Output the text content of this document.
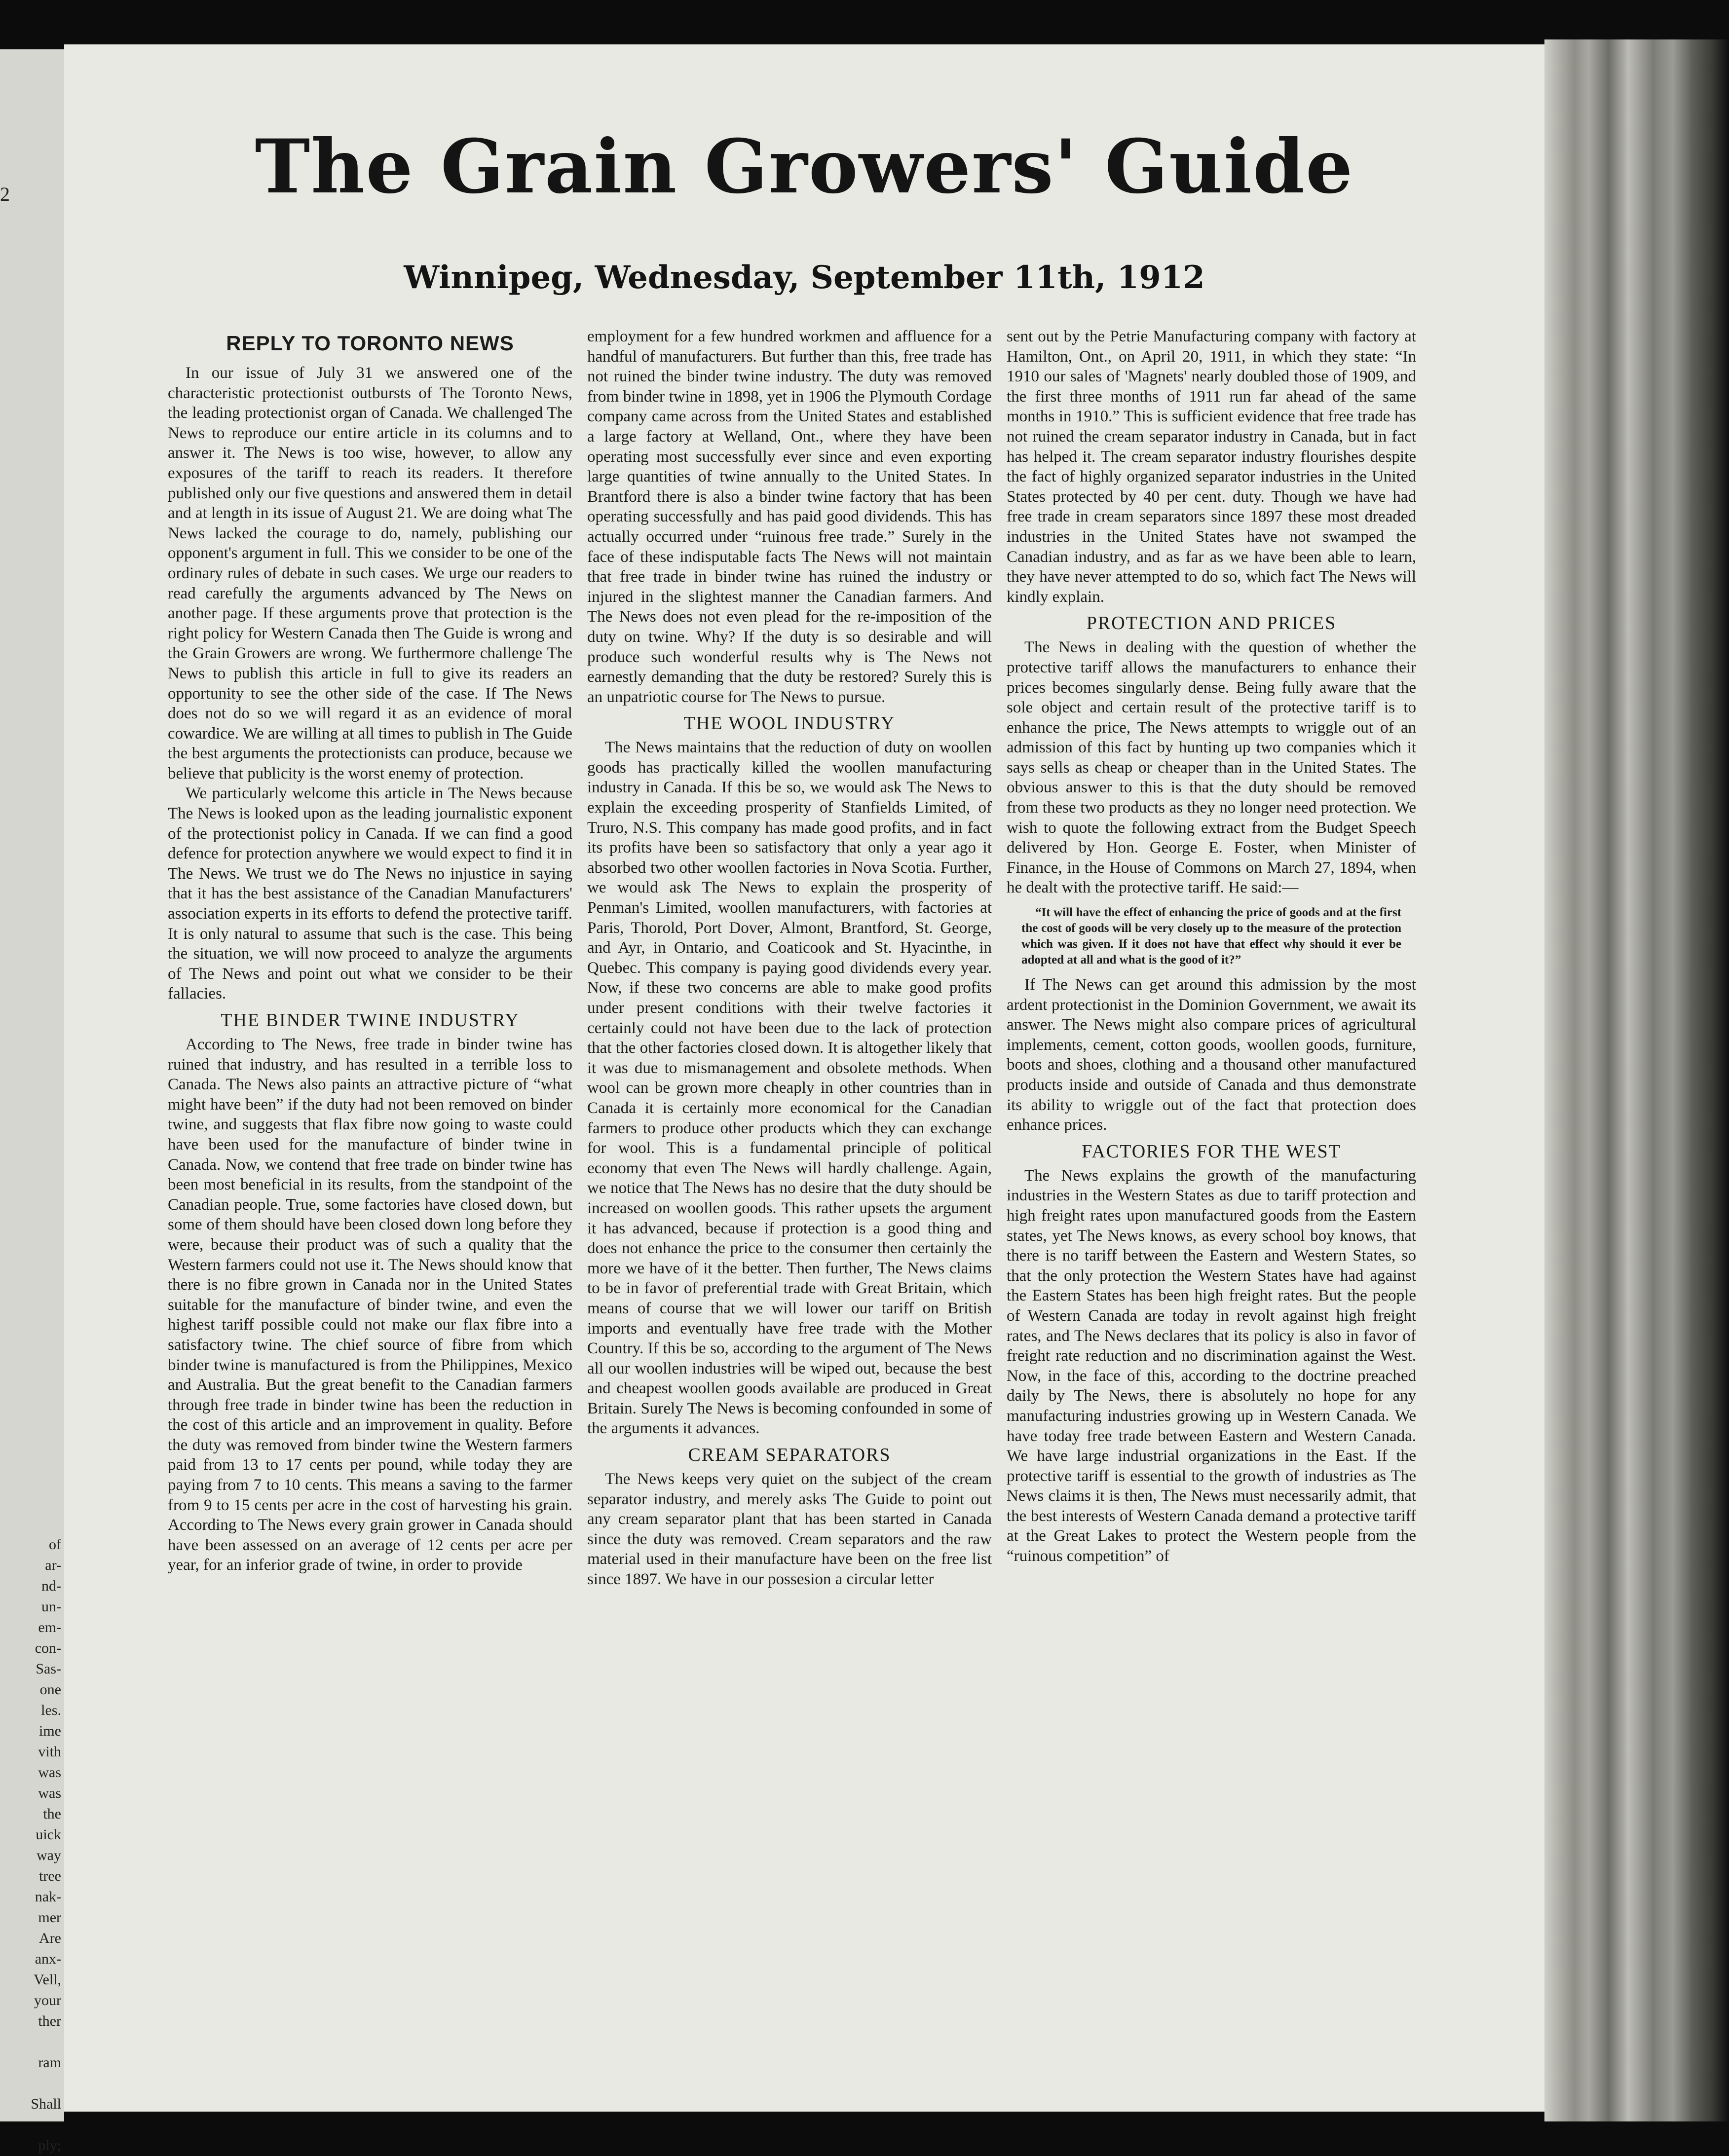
2
of
ar-
nd-
un-
em-
con-
Sas-
one
les.
ime
vith
was
was
the
uick
way
tree
nak-
mer
Are
anx-
Vell,
your
ther

ram

Shall

ply;
The Grain Growers' Guide
Winnipeg, Wednesday, September 11th, 1912
REPLY TO TORONTO NEWS

In our issue of July 31 we answered one of the characteristic protectionist outbursts of The Toronto News, the leading protectionist organ of Canada. We challenged The News to reproduce our entire article in its columns and to answer it. The News is too wise, however, to allow any exposures of the tariff to reach its readers. It therefore published only our five questions and answered them in detail and at length in its issue of August 21. We are doing what The News lacked the courage to do, namely, publishing our opponent's argument in full. This we consider to be one of the ordinary rules of debate in such cases. We urge our readers to read carefully the arguments advanced by The News on another page. If these arguments prove that protection is the right policy for Western Canada then The Guide is wrong and the Grain Growers are wrong. We furthermore challenge The News to publish this article in full to give its readers an opportunity to see the other side of the case. If The News does not do so we will regard it as an evidence of moral cowardice. We are willing at all times to publish in The Guide the best arguments the protectionists can produce, because we believe that publicity is the worst enemy of protection.

We particularly welcome this article in The News because The News is looked upon as the leading journalistic exponent of the protectionist policy in Canada. If we can find a good defence for protection anywhere we would expect to find it in The News. We trust we do The News no injustice in saying that it has the best assistance of the Canadian Manufacturers' association experts in its efforts to defend the protective tariff. It is only natural to assume that such is the case. This being the situation, we will now proceed to analyze the arguments of The News and point out what we consider to be their fallacies.

THE BINDER TWINE INDUSTRY

According to The News, free trade in binder twine has ruined that industry, and has resulted in a terrible loss to Canada. The News also paints an attractive picture of “what might have been” if the duty had not been removed on binder twine, and suggests that flax fibre now going to waste could have been used for the manufacture of binder twine in Canada. Now, we contend that free trade on binder twine has been most beneficial in its results, from the standpoint of the Canadian people. True, some factories have closed down, but some of them should have been closed down long before they were, because their product was of such a quality that the Western farmers could not use it. The News should know that there is no fibre grown in Canada nor in the United States suitable for the manufacture of binder twine, and even the highest tariff possible could not make our flax fibre into a satisfactory twine. The chief source of fibre from which binder twine is manufactured is from the Philippines, Mexico and Australia. But the great benefit to the Canadian farmers through free trade in binder twine has been the reduction in the cost of this article and an improvement in quality. Before the duty was removed from binder twine the Western farmers paid from 13 to 17 cents per pound, while today they are paying from 7 to 10 cents. This means a saving to the farmer from 9 to 15 cents per acre in the cost of harvesting his grain. According to The News every grain grower in Canada should have been assessed on an average of 12 cents per acre per year, for an inferior grade of twine, in order to provide

employment for a few hundred workmen and affluence for a handful of manufacturers. But further than this, free trade has not ruined the binder twine industry. The duty was removed from binder twine in 1898, yet in 1906 the Plymouth Cordage company came across from the United States and established a large factory at Welland, Ont., where they have been operating most successfully ever since and even exporting large quantities of twine annually to the United States. In Brantford there is also a binder twine factory that has been operating successfully and has paid good dividends. This has actually occurred under “ruinous free trade.” Surely in the face of these indisputable facts The News will not maintain that free trade in binder twine has ruined the industry or injured in the slightest manner the Canadian farmers. And The News does not even plead for the re-imposition of the duty on twine. Why? If the duty is so desirable and will produce such wonderful results why is The News not earnestly demanding that the duty be restored? Surely this is an unpatriotic course for The News to pursue.

THE WOOL INDUSTRY

The News maintains that the reduction of duty on woollen goods has practically killed the woollen manufacturing industry in Canada. If this be so, we would ask The News to explain the exceeding prosperity of Stanfields Limited, of Truro, N.S. This company has made good profits, and in fact its profits have been so satisfactory that only a year ago it absorbed two other woollen factories in Nova Scotia. Further, we would ask The News to explain the prosperity of Penman's Limited, woollen manufacturers, with factories at Paris, Thorold, Port Dover, Almont, Brantford, St. George, and Ayr, in Ontario, and Coaticook and St. Hyacinthe, in Quebec. This company is paying good dividends every year. Now, if these two concerns are able to make good profits under present conditions with their twelve factories it certainly could not have been due to the lack of protection that the other factories closed down. It is altogether likely that it was due to mismanagement and obsolete methods. When wool can be grown more cheaply in other countries than in Canada it is certainly more economical for the Canadian farmers to produce other products which they can exchange for wool. This is a fundamental principle of political economy that even The News will hardly challenge. Again, we notice that The News has no desire that the duty should be increased on woollen goods. This rather upsets the argument it has advanced, because if protection is a good thing and does not enhance the price to the consumer then certainly the more we have of it the better. Then further, The News claims to be in favor of preferential trade with Great Britain, which means of course that we will lower our tariff on British imports and eventually have free trade with the Mother Country. If this be so, according to the argument of The News all our woollen industries will be wiped out, because the best and cheapest woollen goods available are produced in Great Britain. Surely The News is becoming confounded in some of the arguments it advances.

CREAM SEPARATORS

The News keeps very quiet on the subject of the cream separator industry, and merely asks The Guide to point out any cream separator plant that has been started in Canada since the duty was removed. Cream separators and the raw material used in their manufacture have been on the free list since 1897. We have in our possesion a circular letter

sent out by the Petrie Manufacturing company with factory at Hamilton, Ont., on April 20, 1911, in which they state: “In 1910 our sales of 'Magnets' nearly doubled those of 1909, and the first three months of 1911 run far ahead of the same months in 1910.” This is sufficient evidence that free trade has not ruined the cream separator industry in Canada, but in fact has helped it. The cream separator industry flourishes despite the fact of highly organized separator industries in the United States protected by 40 per cent. duty. Though we have had free trade in cream separators since 1897 these most dreaded industries in the United States have not swamped the Canadian industry, and as far as we have been able to learn, they have never attempted to do so, which fact The News will kindly explain.

PROTECTION AND PRICES

The News in dealing with the question of whether the protective tariff allows the manufacturers to enhance their prices becomes singularly dense. Being fully aware that the sole object and certain result of the protective tariff is to enhance the price, The News attempts to wriggle out of an admission of this fact by hunting up two companies which it says sells as cheap or cheaper than in the United States. The obvious answer to this is that the duty should be removed from these two products as they no longer need protection. We wish to quote the following extract from the Budget Speech delivered by Hon. George E. Foster, when Minister of Finance, in the House of Commons on March 27, 1894, when he dealt with the protective tariff. He said:—

“It will have the effect of enhancing the price of goods and at the first the cost of goods will be very closely up to the measure of the protection which was given. If it does not have that effect why should it ever be adopted at all and what is the good of it?”

If The News can get around this admission by the most ardent protectionist in the Dominion Government, we await its answer. The News might also compare prices of agricultural implements, cement, cotton goods, woollen goods, furniture, boots and shoes, clothing and a thousand other manufactured products inside and outside of Canada and thus demonstrate its ability to wriggle out of the fact that protection does enhance prices.

FACTORIES FOR THE WEST

The News explains the growth of the manufacturing industries in the Western States as due to tariff protection and high freight rates upon manufactured goods from the Eastern states, yet The News knows, as every school boy knows, that there is no tariff between the Eastern and Western States, so that the only protection the Western States have had against the Eastern States has been high freight rates. But the people of Western Canada are today in revolt against high freight rates, and The News declares that its policy is also in favor of freight rate reduction and no discrimination against the West. Now, in the face of this, according to the doctrine preached daily by The News, there is absolutely no hope for any manufacturing industries growing up in Western Canada. We have today free trade between Eastern and Western Canada. We have large industrial organizations in the East. If the protective tariff is essential to the growth of industries as The News claims it is then, The News must necessarily admit, that the best interests of Western Canada demand a protective tariff at the Great Lakes to protect the Western people from the “ruinous competition” of
